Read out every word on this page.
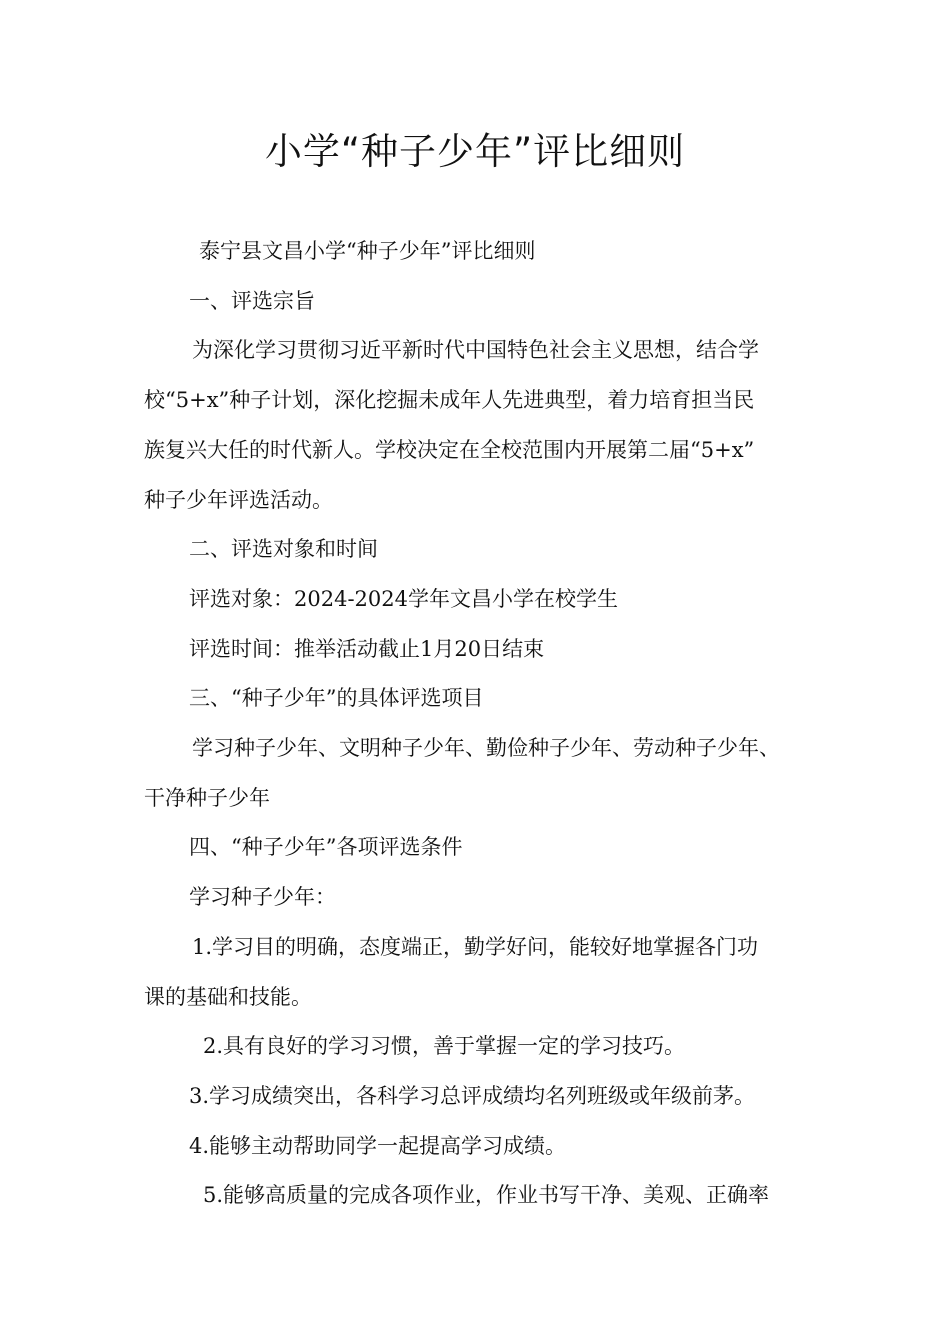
小学“种子少年”评比细则

泰宁县文昌小学“种子少年”评比细则

一、评选宗旨

为深化学习贯彻习近平新时代中国特色社会主义思想，结合学

校“5+x”种子计划，深化挖掘未成年人先进典型，着力培育担当民

族复兴大任的时代新人。学校决定在全校范围内开展第二届“5+x”

种子少年评选活动。

二、评选对象和时间

评选对象：2024-2024学年文昌小学在校学生

评选时间：推举活动截止1月20日结束

三、“种子少年”的具体评选项目

学习种子少年、文明种子少年、勤俭种子少年、劳动种子少年、

干净种子少年

四、“种子少年”各项评选条件

学习种子少年：

1.学习目的明确，态度端正，勤学好问，能较好地掌握各门功

课的基础和技能。

2.具有良好的学习习惯，善于掌握一定的学习技巧。

3.学习成绩突出，各科学习总评成绩均名列班级或年级前茅。

4.能够主动帮助同学一起提高学习成绩。

5.能够高质量的完成各项作业，作业书写干净、美观、正确率
